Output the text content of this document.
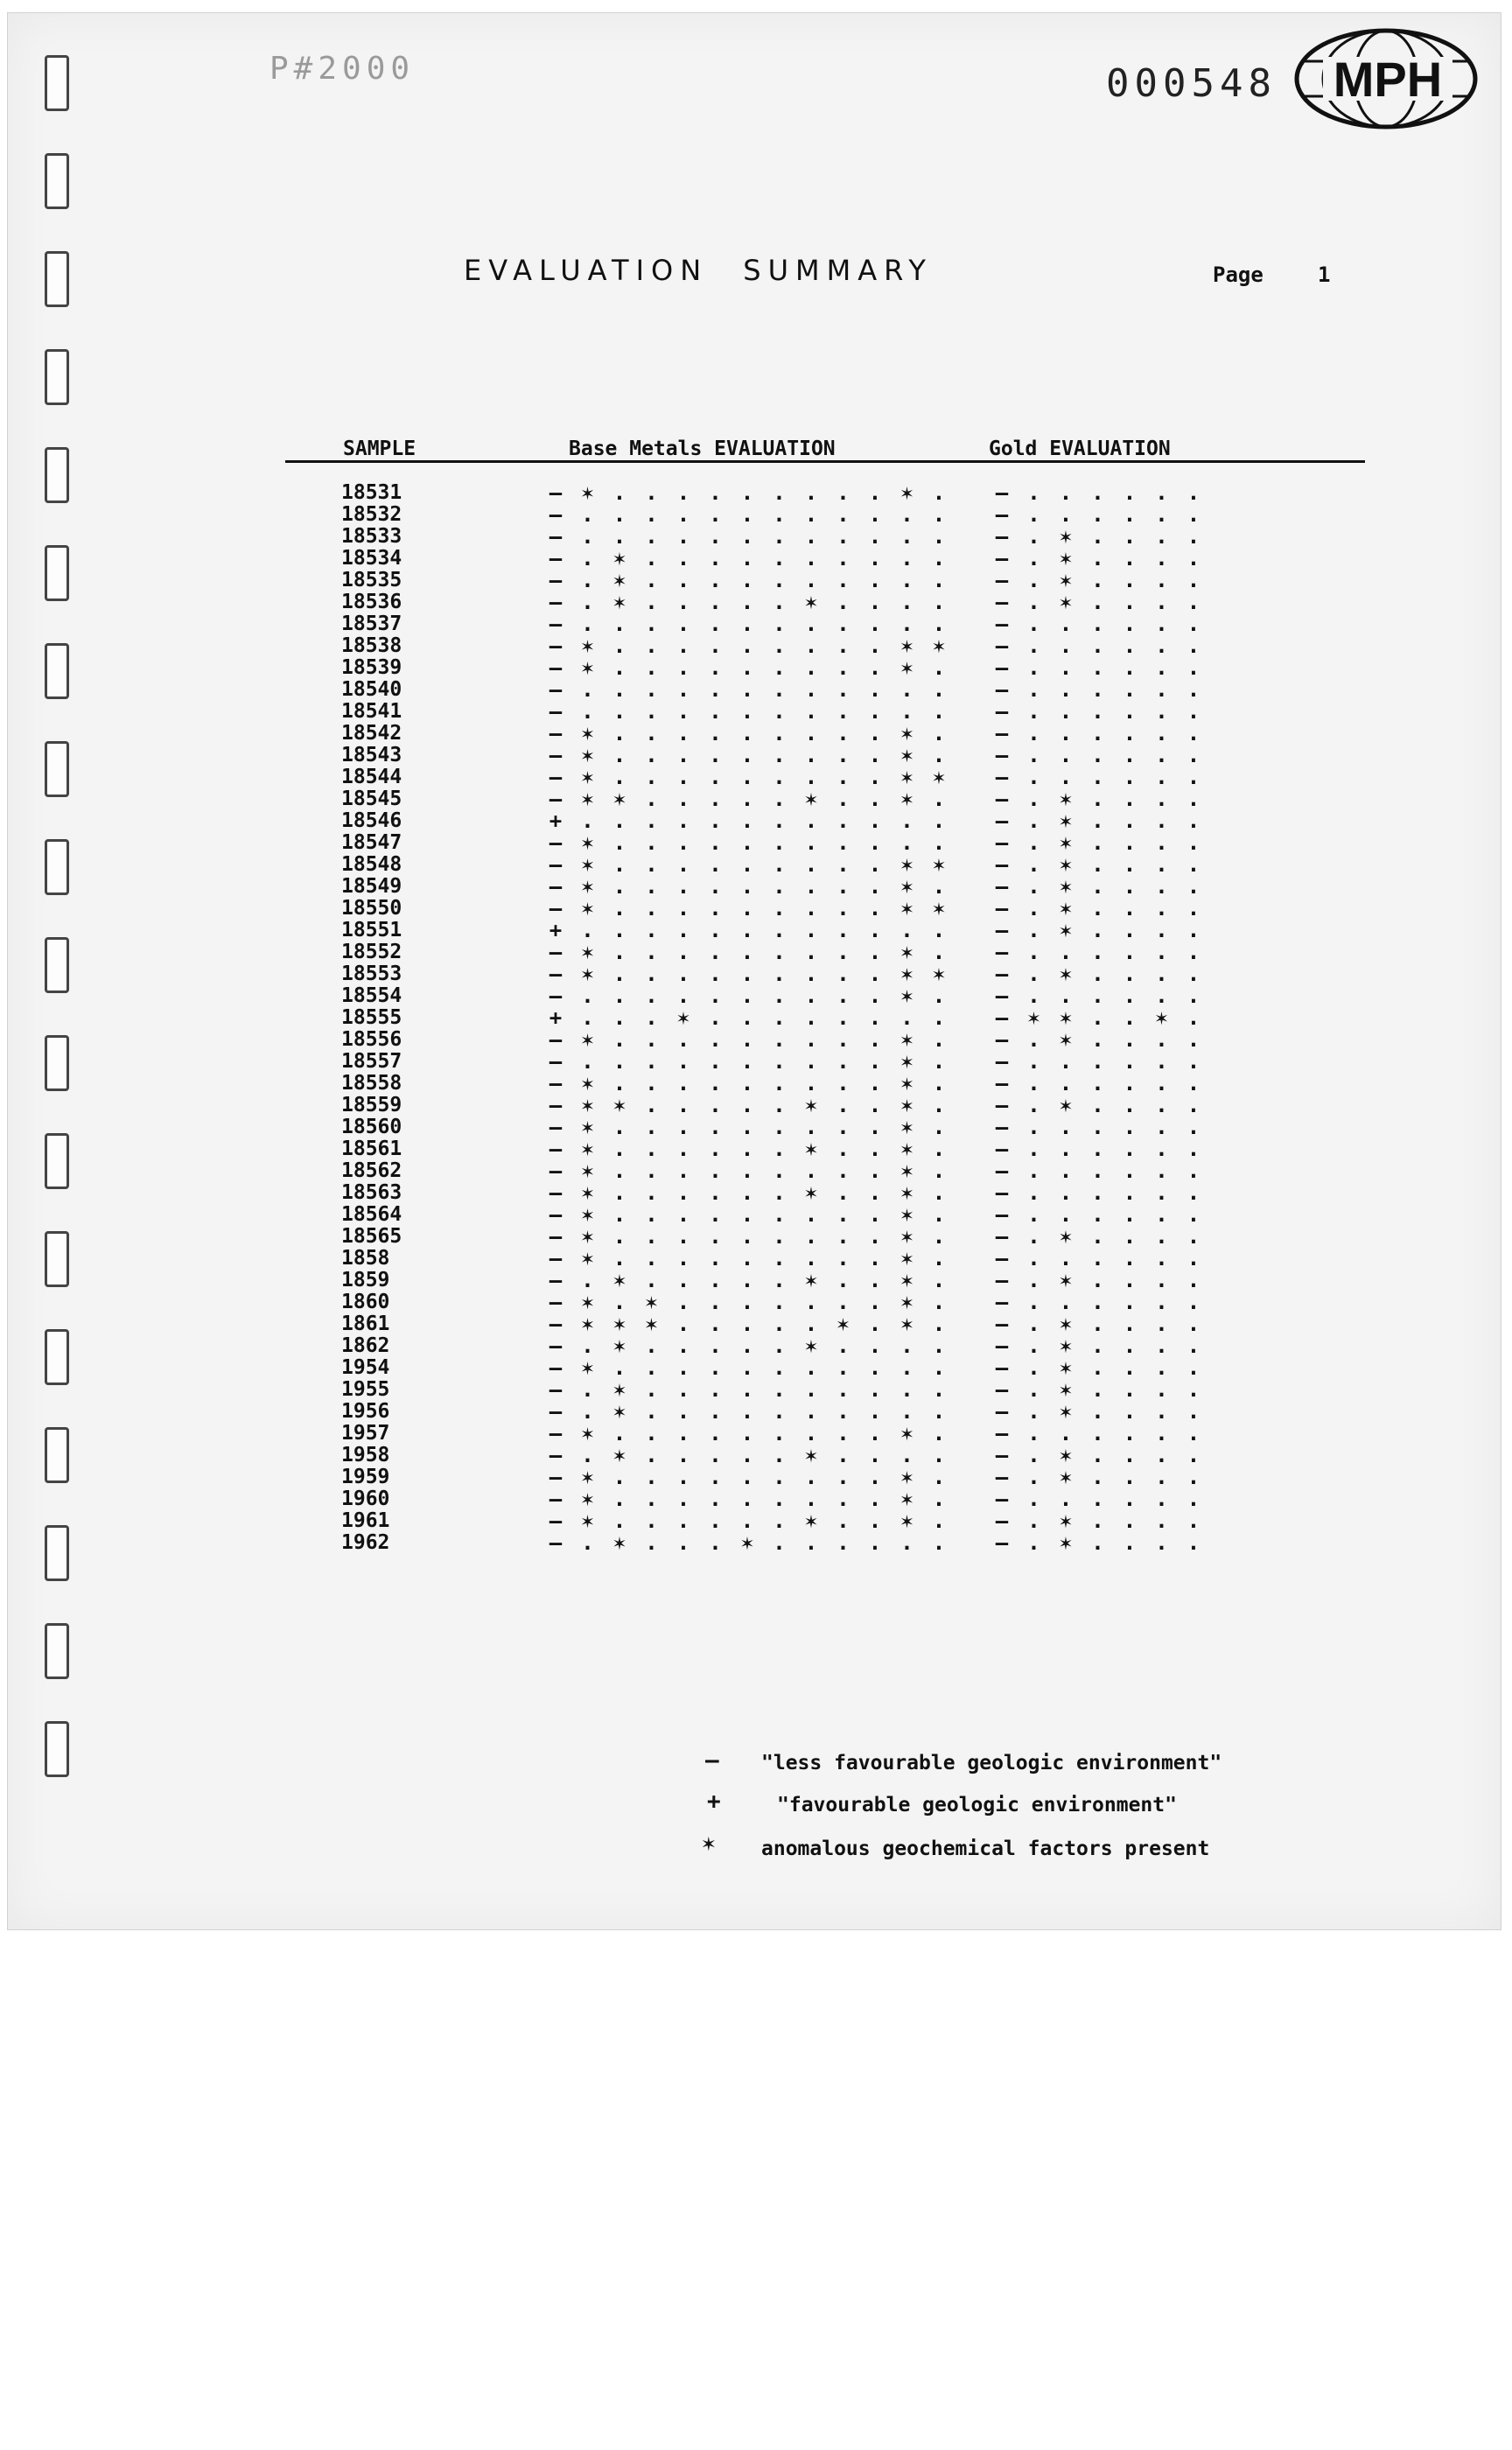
P#2000	000548 MPH
EVALUATION SUMMARY	Page	1
SAMPLE	Base Metals EVALUATION	Gold EVALUATION
18531	— ✶ . . . . . . . . . ✶ .	— . . . . . .
18532	— . . . . . . . . . . . .	— . . . . . .
18533	— . . . . . . . . . . . .	— . ✶ . . . .
18534	— . ✶ . . . . . . . . . .	— . ✶ . . . .
18535	— . ✶ . . . . . . . . . .	— . ✶ . . . .
18536	— . ✶ . . . . . ✶ . . . .	— . ✶ . . . .
18537	— . . . . . . . . . . . .	— . . . . . .
18538	— ✶ . . . . . . . . . ✶ ✶	— . . . . . .
18539	— ✶ . . . . . . . . . ✶ .	— . . . . . .
18540	— . . . . . . . . . . . .	— . . . . . .
18541	— . . . . . . . . . . . .	— . . . . . .
18542	— ✶ . . . . . . . . . ✶ .	— . . . . . .
18543	— ✶ . . . . . . . . . ✶ .	— . . . . . .
18544	— ✶ . . . . . . . . . ✶ ✶	— . . . . . .
18545	— ✶ ✶ . . . . . ✶ . . ✶ .	— . ✶ . . . .
18546	+ . . . . . . . . . . . .	— . ✶ . . . .
18547	— ✶ . . . . . . . . . . .	— . ✶ . . . .
18548	— ✶ . . . . . . . . . ✶ ✶	— . ✶ . . . .
18549	— ✶ . . . . . . . . . ✶ .	— . ✶ . . . .
18550	— ✶ . . . . . . . . . ✶ ✶	— . ✶ . . . .
18551	+ . . . . . . . . . . . .	— . ✶ . . . .
18552	— ✶ . . . . . . . . . ✶ .	— . . . . . .
18553	— ✶ . . . . . . . . . ✶ ✶	— . ✶ . . . .
18554	— . . . . . . . . . . ✶ .	— . . . . . .
18555	+ . . . ✶ . . . . . . . .	— ✶ ✶ . . ✶ .
18556	— ✶ . . . . . . . . . ✶ .	— . ✶ . . . .
18557	— . . . . . . . . . . ✶ .	— . . . . . .
18558	— ✶ . . . . . . . . . ✶ .	— . . . . . .
18559	— ✶ ✶ . . . . . ✶ . . ✶ .	— . ✶ . . . .
18560	— ✶ . . . . . . . . . ✶ .	— . . . . . .
18561	— ✶ . . . . . . ✶ . . ✶ .	— . . . . . .
18562	— ✶ . . . . . . . . . ✶ .	— . . . . . .
18563	— ✶ . . . . . . ✶ . . ✶ .	— . . . . . .
18564	— ✶ . . . . . . . . . ✶ .	— . . . . . .
18565	— ✶ . . . . . . . . . ✶ .	— . ✶ . . . .
1858	— ✶ . . . . . . . . . ✶ .	— . . . . . .
1859	— . ✶ . . . . . ✶ . . ✶ .	— . ✶ . . . .
1860	— ✶ . ✶ . . . . . . . ✶ .	— . . . . . .
1861	— ✶ ✶ ✶ . . . . . ✶ . ✶ .	— . ✶ . . . .
1862	— . ✶ . . . . . ✶ . . . .	— . ✶ . . . .
1954	— ✶ . . . . . . . . . . .	— . ✶ . . . .
1955	— . ✶ . . . . . . . . . .	— . ✶ . . . .
1956	— . ✶ . . . . . . . . . .	— . ✶ . . . .
1957	— ✶ . . . . . . . . . ✶ .	— . . . . . .
1958	— . ✶ . . . . . ✶ . . . .	— . ✶ . . . .
1959	— ✶ . . . . . . . . . ✶ .	— . ✶ . . . .
1960	— ✶ . . . . . . . . . ✶ .	— . . . . . .
1961	— ✶ . . . . . . ✶ . . ✶ .	— . ✶ . . . .
1962	— . ✶ . . . ✶ . . . . . .	— . ✶ . . . .
— "less favourable geologic environment"
+	"favourable geologic environment"
✶ anomalous geochemical factors present
